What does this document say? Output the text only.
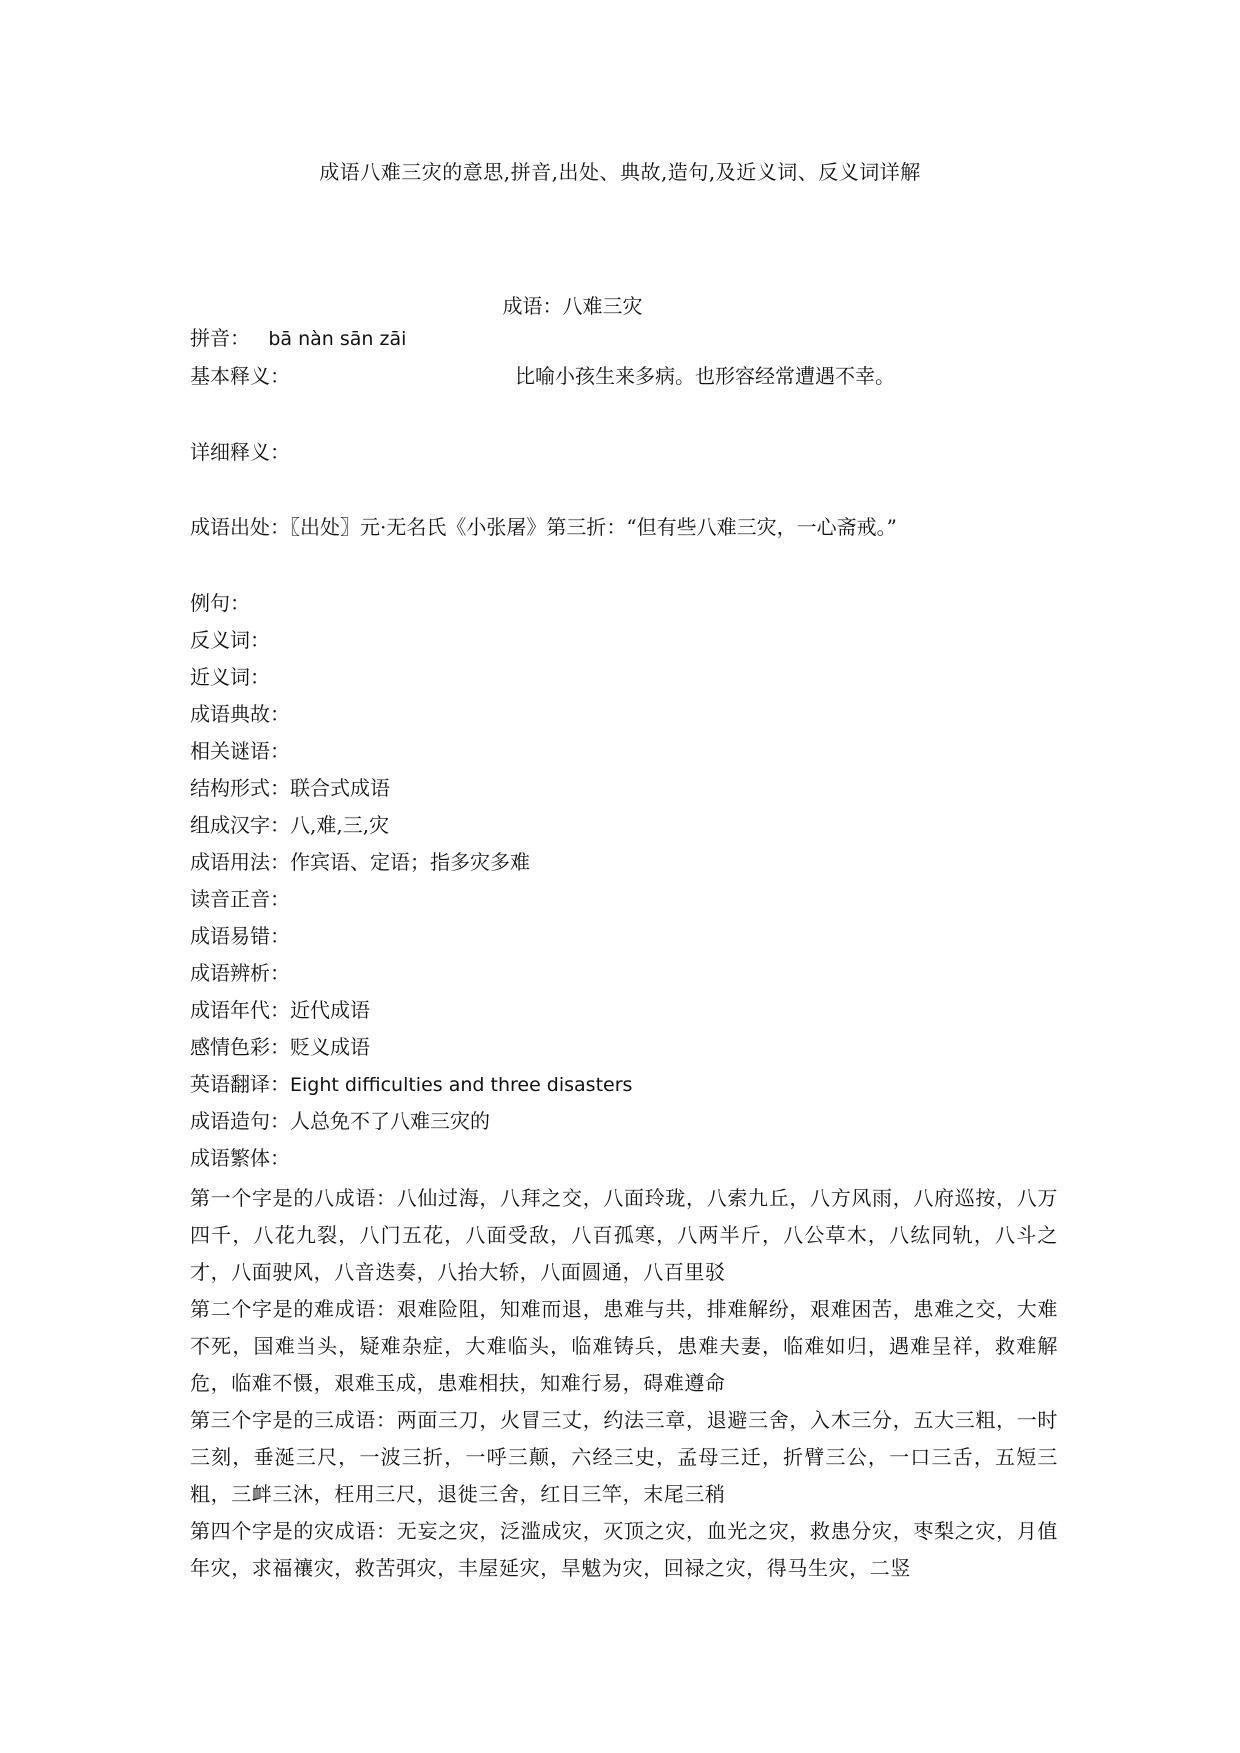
成语八难三灾的意思,拼音,出处、典故,造句,及近义词、反义词详解
成语：八难三灾
拼音： bā nàn sān zāi
基本释义：	比喻小孩生来多病。也形容经常遭遇不幸。
详细释义：
成语出处：〖出处〗元·无名氏《小张屠》第三折：“但有些八难三灾，一心斋戒。”
例句：
反义词：
近义词：
成语典故：
相关谜语：
结构形式：联合式成语
组成汉字：八,难,三,灾
成语用法：作宾语、定语；指多灾多难
读音正音：
成语易错：
成语辨析：
成语年代：近代成语
感情色彩：贬义成语
英语翻译：Eight difficulties and three disasters
成语造句：人总免不了八难三灾的
成语繁体：
第一个字是的八成语：八仙过海，八拜之交，八面玲珑，八索九丘，八方风雨，八府巡按，八万四千，八花九裂，八门五花，八面受敌，八百孤寒，八两半斤，八公草木，八纮同轨，八斗之才，八面驶风，八音迭奏，八抬大轿，八面圆通，八百里驳
第二个字是的难成语：艰难险阻，知难而退，患难与共，排难解纷，艰难困苦，患难之交，大难不死，国难当头，疑难杂症，大难临头，临难铸兵，患难夫妻，临难如归，遇难呈祥，救难解危，临难不慑，艰难玉成，患难相扶，知难行易，碍难遵命
第三个字是的三成语：两面三刀，火冒三丈，约法三章，退避三舍，入木三分，五大三粗，一时三刻，垂涎三尺，一波三折，一呼三颠，六经三史，孟母三迁，折臂三公，一口三舌，五短三粗，三衅三沐，枉用三尺，退徙三舍，红日三竿，末尾三稍
第四个字是的灾成语：无妄之灾，泛滥成灾，灭顶之灾，血光之灾，救患分灾，枣梨之灾，月值年灾，求福禳灾，救苦弭灾，丰屋延灾，旱魃为灾，回禄之灾，得马生灾，二竖
